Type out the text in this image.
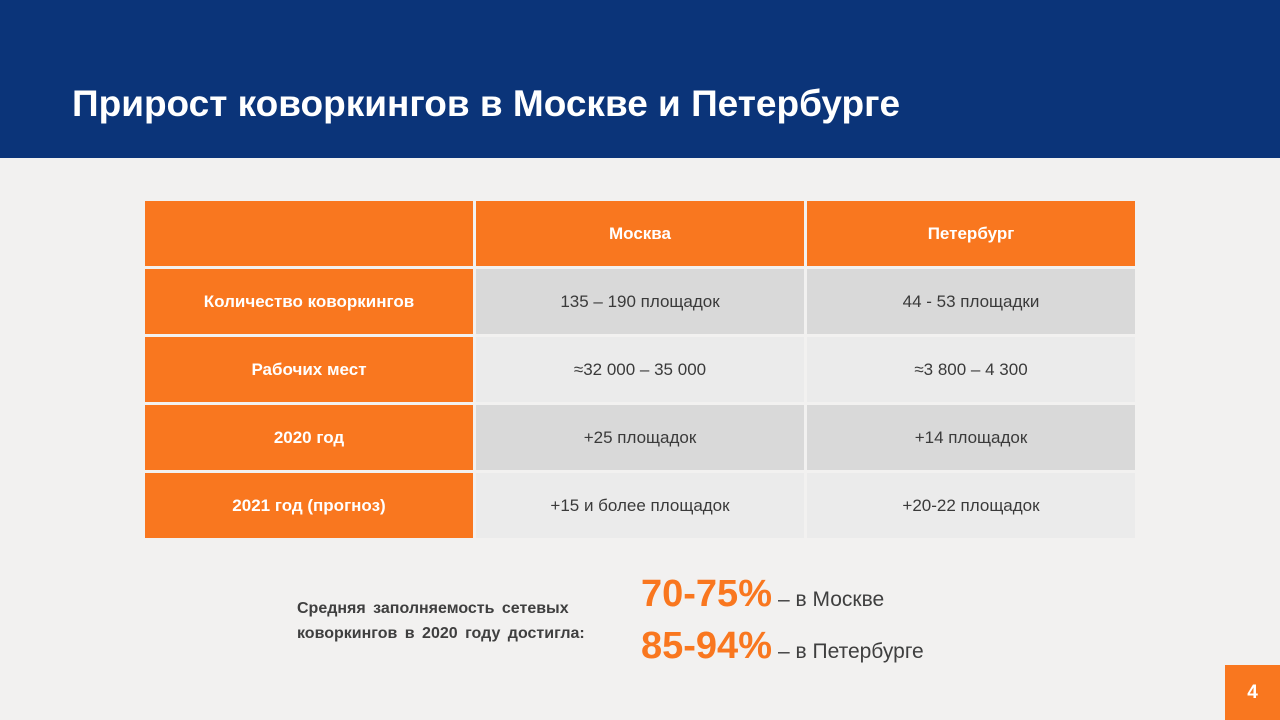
Прирост коворкингов в Москве и Петербурге
	Москва	Петербург
Количество коворкингов	135 – 190 площадок	44 - 53 площадки
Рабочих мест	≈32 000 – 35 000	≈3 800 – 4 300
2020 год	+25 площадок	+14 площадок
2021 год (прогноз)	+15 и более площадок	+20-22 площадок

Средняя заполняемость сетевых коворкингов в 2020 году достигла:

70-75% – в Москве
85-94% – в Петербурге
4
